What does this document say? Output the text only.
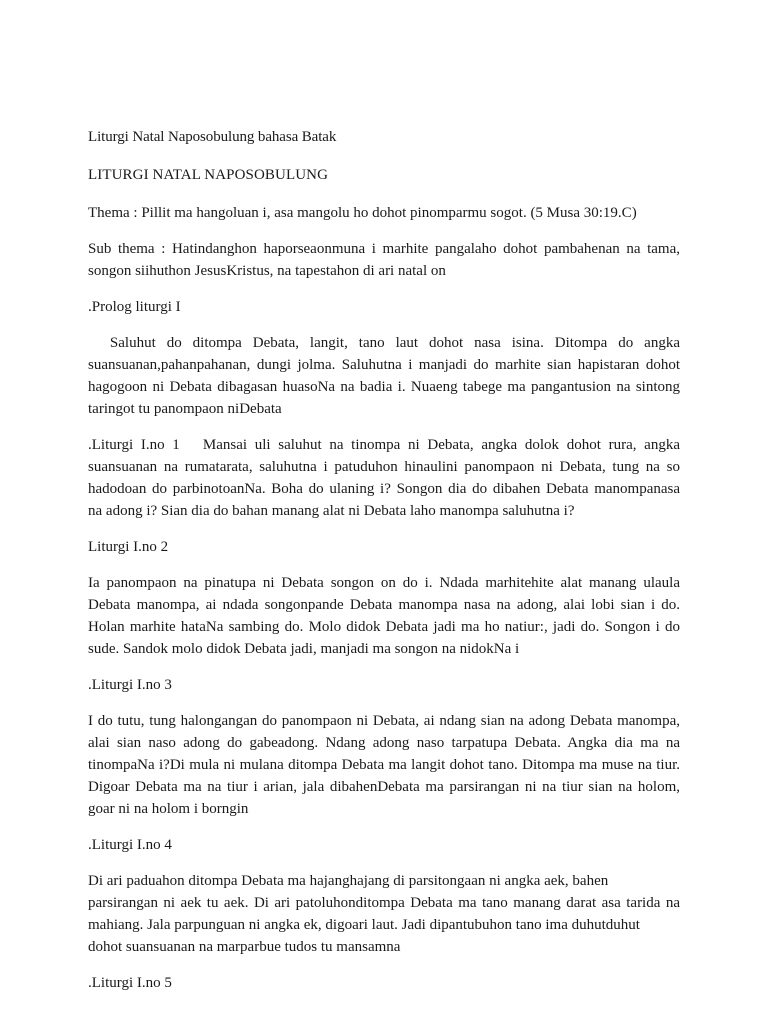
Liturgi Natal Naposobulung bahasa Batak
LITURGI NATAL NAPOSOBULUNG
Thema : Pillit ma hangoluan i, asa mangolu ho dohot pinomparmu sogot. (5 Musa 30:19.C)
Sub thema : Hatindanghon haporseaonmuna i marhite pangalaho dohot pambahenan na tama,
songon siihuthon JesusKristus, na tapestahon di ari natal on
.Prolog liturgi I
Saluhut do ditompa Debata, langit, tano laut dohot nasa isina. Ditompa do angka
suansuanan,pahanpahanan, dungi jolma. Saluhutna i manjadi do marhite sian hapistaran dohot
hagogoon ni Debata dibagasan huasoNa na badia i. Nuaeng tabege ma pangantusion na sintong
taringot tu panompaon niDebata
.Liturgi I.no 1   Mansai uli saluhut na tinompa ni Debata, angka dolok dohot rura, angka
suansuanan na rumatarata, saluhutna i patuduhon hinaulini panompaon ni Debata, tung na so
hadodoan do parbinotoanNa. Boha do ulaning i? Songon dia do dibahen Debata manompanasa
na adong i? Sian dia do bahan manang alat ni Debata laho manompa saluhutna i?
Liturgi I.no 2
Ia panompaon na pinatupa ni Debata songon on do i. Ndada marhitehite alat manang ulaula
Debata manompa, ai ndada songonpande Debata manompa nasa na adong, alai lobi sian i do.
Holan marhite hataNa sambing do. Molo didok Debata jadi ma ho natiur:, jadi do. Songon i do
sude. Sandok molo didok Debata jadi, manjadi ma songon na nidokNa i
.Liturgi I.no 3
I do tutu, tung halongangan do panompaon ni Debata, ai ndang sian na adong Debata manompa,
alai sian naso adong do gabeadong. Ndang adong naso tarpatupa Debata. Angka dia ma na
tinompaNa i?Di mula ni mulana ditompa Debata ma langit dohot tano. Ditompa ma muse na tiur.
Digoar Debata ma na tiur i arian, jala dibahenDebata ma parsirangan ni na tiur sian na holom,
goar ni na holom i borngin
.Liturgi I.no 4
Di ari paduahon ditompa Debata ma hajanghajang di parsitongaan ni angka aek, bahen
parsirangan ni aek tu aek. Di ari patoluhonditompa Debata ma tano manang darat asa tarida na
mahiang. Jala parpunguan ni angka ek, digoari laut. Jadi dipantubuhon tano ima duhutduhut
dohot suansuanan na marparbue tudos tu mansamna
.Liturgi I.no 5
